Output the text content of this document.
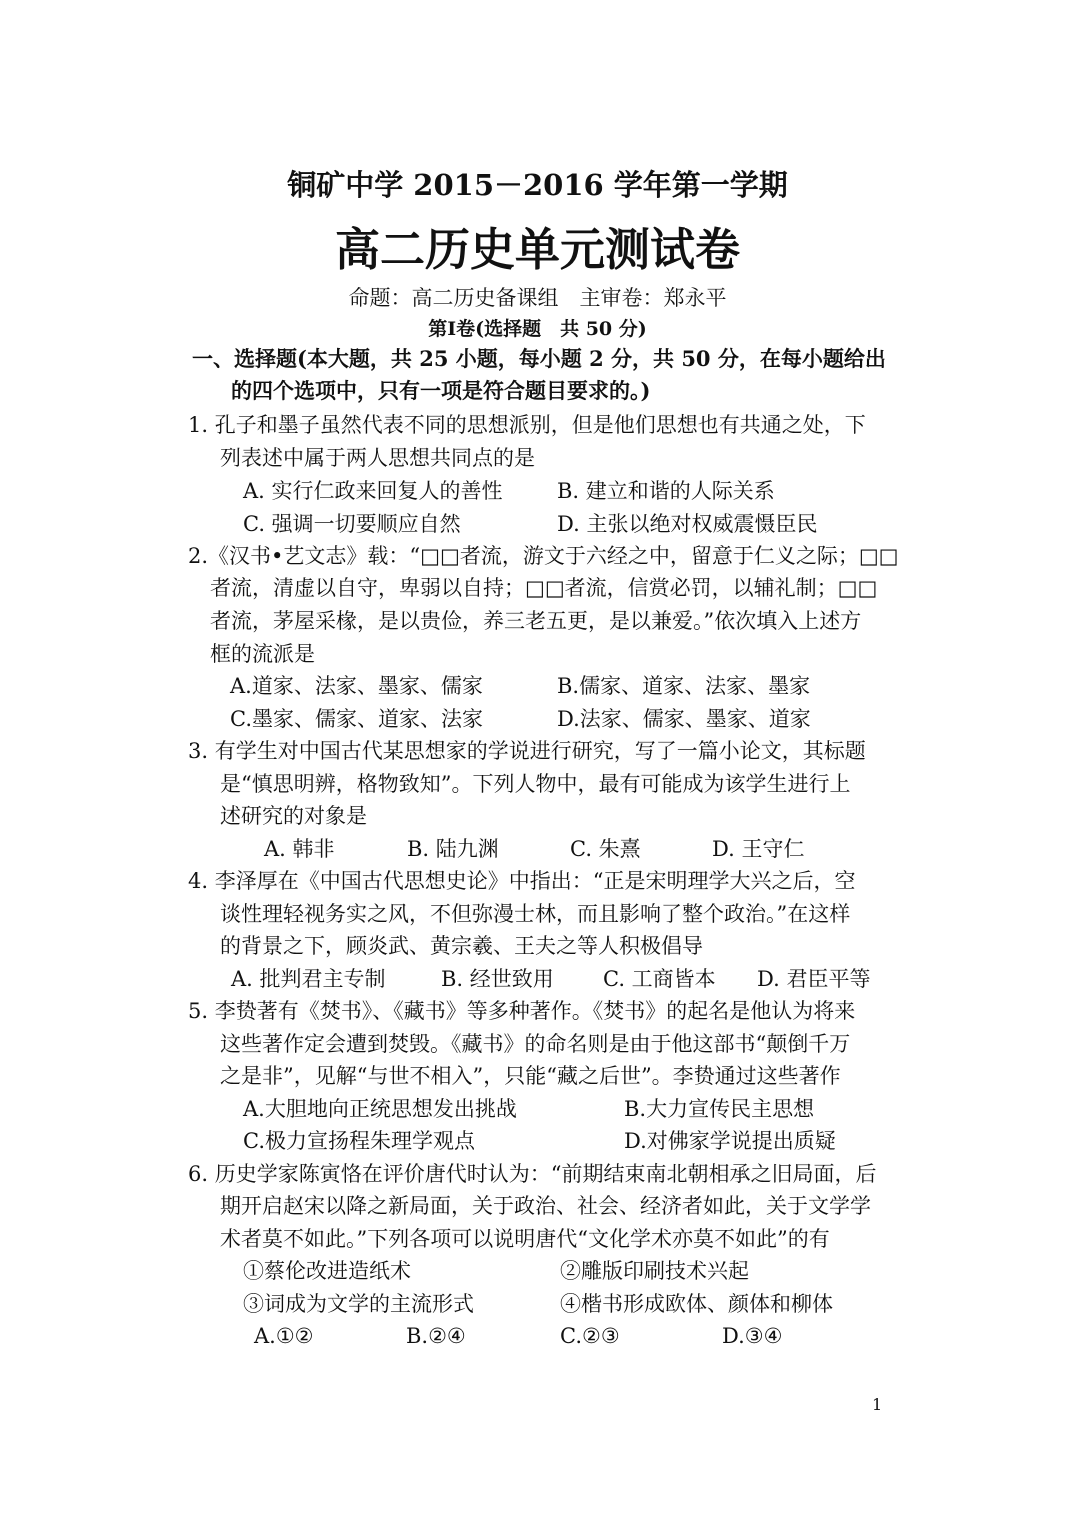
铜矿中学 2015－2016 学年第一学期
高二历史单元测试卷
命题：高二历史备课组　主审卷：郑永平
第Ⅰ卷(选择题　共 50 分)
一、选择题(本大题，共 25 小题，每小题 2 分，共 50 分，在每小题给出
的四个选项中，只有一项是符合题目要求的。)
1. 孔子和墨子虽然代表不同的思想派别，但是他们思想也有共通之处，下
列表述中属于两人思想共同点的是
A. 实行仁政来回复人的善性	B. 建立和谐的人际关系
C. 强调一切要顺应自然	D. 主张以绝对权威震慑臣民
2.《汉书•艺文志》载：“□□者流，游文于六经之中，留意于仁义之际；□□
者流，清虚以自守，卑弱以自持；□□者流，信赏必罚，以辅礼制；□□
者流，茅屋采椽，是以贵俭，养三老五更，是以兼爱。”依次填入上述方
框的流派是
A.道家、法家、墨家、儒家	B.儒家、道家、法家、墨家
C.墨家、儒家、道家、法家	D.法家、儒家、墨家、道家
3. 有学生对中国古代某思想家的学说进行研究，写了一篇小论文，其标题
是“慎思明辨，格物致知”。下列人物中，最有可能成为该学生进行上
述研究的对象是
A. 韩非	B. 陆九渊	C. 朱熹	D. 王守仁
4. 李泽厚在《中国古代思想史论》中指出：“正是宋明理学大兴之后，空
谈性理轻视务实之风，不但弥漫士林，而且影响了整个政治。”在这样
的背景之下，顾炎武、黄宗羲、王夫之等人积极倡导
A. 批判君主专制	B. 经世致用 C. 工商皆本 D. 君臣平等
5. 李贽著有《焚书》、《藏书》等多种著作。《焚书》的起名是他认为将来
这些著作定会遭到焚毁。《藏书》的命名则是由于他这部书“颠倒千万
之是非”，见解“与世不相入”，只能“藏之后世”。李贽通过这些著作
A.大胆地向正统思想发出挑战	B.大力宣传民主思想
C.极力宣扬程朱理学观点	D.对佛家学说提出质疑
6. 历史学家陈寅恪在评价唐代时认为：“前期结束南北朝相承之旧局面，后
期开启赵宋以降之新局面，关于政治、社会、经济者如此，关于文学学
术者莫不如此。”下列各项可以说明唐代“文化学术亦莫不如此”的有
①蔡伦改进造纸术	②雕版印刷技术兴起
③词成为文学的主流形式	④楷书形成欧体、颜体和柳体
A.①②	B.②④	C.②③	D.③④
1
